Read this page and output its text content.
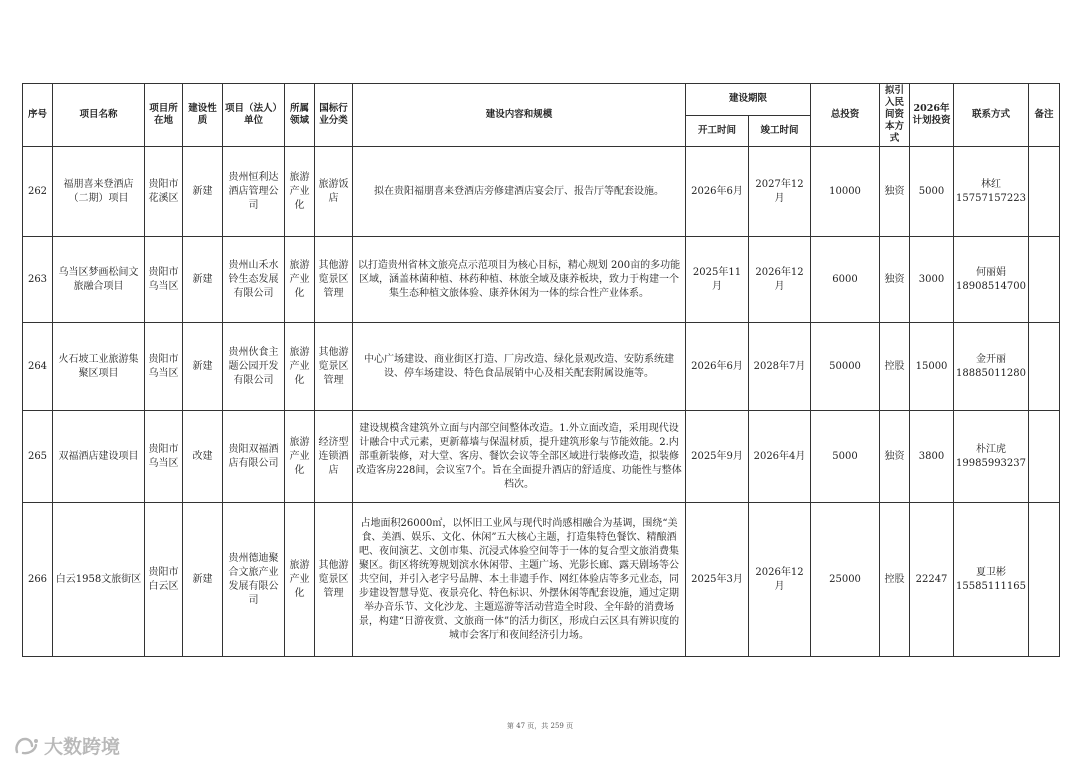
序号	项目名称	项目所在地	建设性质	项目（法人）单位	所属领域	国标行业分类	建设内容和规模	建设期限		总投资	拟引入民间资本方式	2026年计划投资	联系方式	备注
								开工时间	竣工时间					
262	福朋喜来登酒店（二期）项目	贵阳市花溪区	新建	贵州恒利达酒店管理公司	旅游产业化	旅游饭店	拟在贵阳福朋喜来登酒店旁修建酒店宴会厅、报告厅等配套设施。	2026年6月	2027年12月	10000	独资	5000	林红
15757157223	

263	乌当区梦画松间文旅融合项目	贵阳市乌当区	新建	贵州山禾水铃生态发展有限公司	旅游产业化	其他游览景区管理	以打造贵州省林文旅亮点示范项目为核心目标，精心规划 200亩的多功能区域，涵盖林菌种植、林药种植、林旅全域及康养板块，致力于构建一个集生态种植文旅体验、康养休闲为一体的综合性产业体系。	2025年11月	2026年12月	6000	独资	3000	何丽娟
18908514700	

264	火石坡工业旅游集聚区项目	贵阳市乌当区	新建	贵州伙食主题公园开发有限公司	旅游产业化	其他游览景区管理	中心广场建设、商业街区打造、厂房改造、绿化景观改造、安防系统建设、停车场建设、特色食品展销中心及相关配套附属设施等。	2026年6月	2028年7月	50000	控股	15000	金开丽
18885011280	

265	双福酒店建设项目	贵阳市乌当区	改建	贵阳双福酒店有限公司	旅游产业化	经济型连锁酒店	建设规模含建筑外立面与内部空间整体改造。1.外立面改造，采用现代设计融合中式元素，更新幕墙与保温材质，提升建筑形象与节能效能。2.内部重新装修，对大堂、客房、餐饮会议等全部区域进行装修改造，拟装修改造客房228间，会议室7个。旨在全面提升酒店的舒适度、功能性与整体档次。	2025年9月	2026年4月	5000	独资	3800	朴江虎
19985993237	

266	白云1958文旅街区	贵阳市白云区	新建	贵州德迪聚合文旅产业发展有限公司	旅游产业化	其他游览景区管理	占地面积26000㎡，以怀旧工业风与现代时尚感相融合为基调，围绕“美食、美酒、娱乐、文化、休闲”五大核心主题，打造集特色餐饮、精酿酒吧、夜间演艺、文创市集、沉浸式体验空间等于一体的复合型文旅消费集聚区。街区将统筹规划滨水休闲带、主题广场、光影长廊、露天剧场等公共空间，并引入老字号品牌、本土非遗手作、网红体验店等多元业态，同步建设智慧导览、夜景亮化、特色标识、外摆休闲等配套设施，通过定期举办音乐节、文化沙龙、主题巡游等活动营造全时段、全年龄的消费场景，构建“日游夜赏、文旅商一体”的活力街区，形成白云区具有辨识度的城市会客厅和夜间经济引力场。	2025年3月	2026年12月	25000	控股	22247	夏卫彬
15585111165	

第 47 页，共 259 页
大数跨境
